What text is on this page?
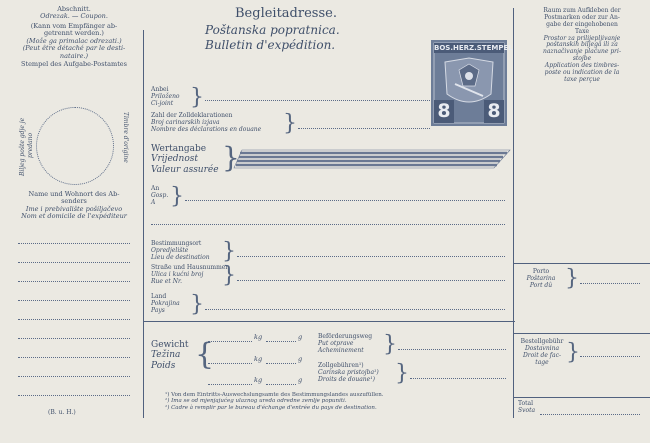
Abschnitt.
Odrezak. — Coupon.
(Kann vom Empfänger ab-
getrennt werden.)
(Može ga primalac odrezati.)
(Peut être détaché par le desti-
nataire.)
Stempel des Aufgabe-Postamtes
Biljeg pošte gdje je predano	Timbre d'origine
Name und Wohnort des Ab-
senders
Ime i prebivalište pošiljačevo
Nom et domicile de l'expéditeur
(B. u. H.)
Begleitadresse.
Poštanska popratnica.
Bulletin d'expédition.	BOS.HERZ.STEMPEL
8 8
Anbei
Priloženo
Ci-joint }
Zahl der Zolldeklarationen
Broj carinarskih izjava
Nombre des déclarations en douane }
Wertangabe
Vrijednost
Valeur assurée }
An
Gosp.
A }
Bestimmungsort
Opredjelište
Lieu de destination }
Straße und Hausnummer
Ulica i kućni broj
Rue et Nr.	}
Land
Pokrajina
Pays	}
Gewicht
Težina
Poids {	kg	g
kg	g
kg	g
Beförderungsweg
Put otprave
Acheminement }
Zollgebühren¹)
Carinska pristojba¹)
Droits de douane¹) }
¹) Von dem Eintritts-Auswechslungsamte des Bestimmungslandes auszufüllen.
¹) Ima se od mjenjajućeg ulaznog ureda odredne zemlje popuniti.
¹) Cadre à remplir par le bureau d'échange d'entrée du pays de destination.
Raum zum Aufkleben der
Postmarken oder zur An-
gabe der eingehobenen
Taxe
Prostor za prilijepljivanje
poštanskih biljega ili za
naznačivanje plaćune pri-
stojbe
Application des timbres-
poste ou indication de la
taxe perçue
Porto
Poštarina
Port dû }
Bestellgebühr
Dostavnina
Droit de fac-
tage }
Total
Svota
